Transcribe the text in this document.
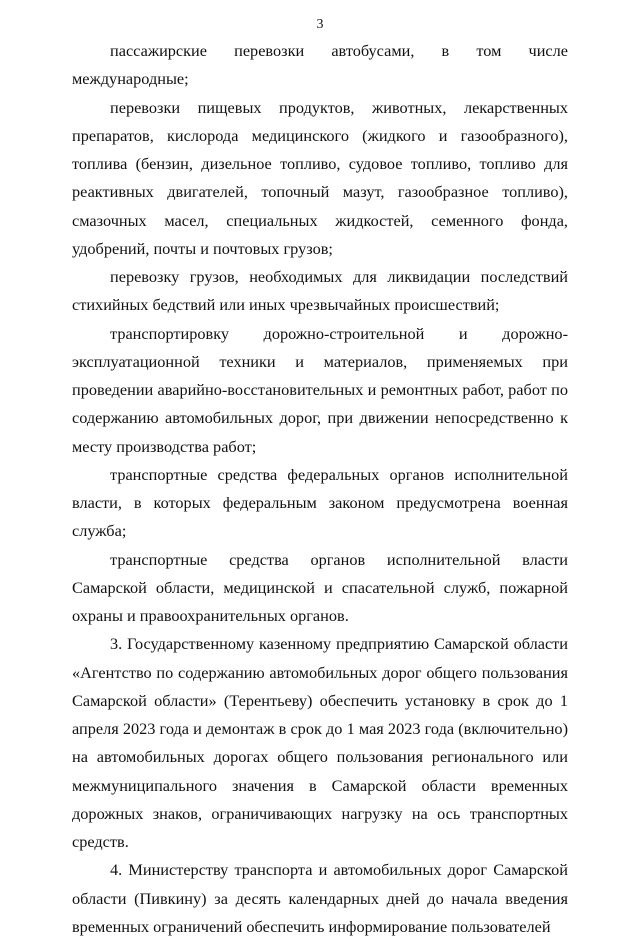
3

пассажирские перевозки автобусами, в том числе международные;

перевозки пищевых продуктов, животных, лекарственных препаратов, кислорода медицинского (жидкого и газообразного), топлива (бензин, дизельное топливо, судовое топливо, топливо для реактивных двигателей, топочный мазут, газообразное топливо), смазочных масел, специальных жидкостей, семенного фонда, удобрений, почты и почтовых грузов;

перевозку грузов, необходимых для ликвидации последствий стихийных бедствий или иных чрезвычайных происшествий;

транспортировку дорожно-строительной и дорожно-эксплуатационной техники и материалов, применяемых при проведении аварийно-восстановительных и ремонтных работ, работ по содержанию автомобильных дорог, при движении непосредственно к месту производства работ;

транспортные средства федеральных органов исполнительной власти, в которых федеральным законом предусмотрена военная служба;

транспортные средства органов исполнительной власти Самарской области, медицинской и спасательной служб, пожарной охраны и правоохранительных органов.

3. Государственному казенному предприятию Самарской области «Агентство по содержанию автомобильных дорог общего пользования Самарской области» (Терентьеву) обеспечить установку в срок до 1 апреля 2023 года и демонтаж в срок до 1 мая 2023 года (включительно) на автомобильных дорогах общего пользования регионального или межмуниципального значения в Самарской области временных дорожных знаков, ограничивающих нагрузку на ось транспортных средств.

4. Министерству транспорта и автомобильных дорог Самарской области (Пивкину) за десять календарных дней до начала введения временных ограничений обеспечить информирование пользователей
